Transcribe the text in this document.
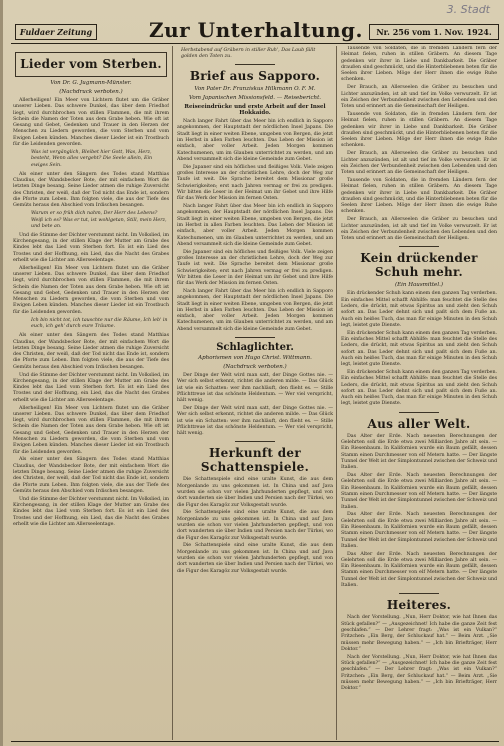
3. Stadt
Fuldaer Zeitung	Zur Unterhaltung.	Nr. 256 vom 1. Nov. 1924.
Lieder vom Sterben.
Von Dr. G. Jugmann-Münster.
(Nachdruck verboten.)

Allerheiligen! Ein Meer von Lichtern flutet um die Gräber unserer Lieben. Das schwere Dunkel, das über dem Friedhof liegt, wird durchbrochen von stillen Flammen, die mit ihrem Schein die Namen der Toten aus dem Grabe heben. Wie oft ist Gesang und Gebet, Gedenken und Trauer in den Herzen der Menschen zu Liedern geworden, die vom Sterben und vom Ewigen Leben künden. Manches dieser Lieder ist ein Trostbuch für die Leidenden geworden.

Was ist vergänglich, Bleibet hier Gott, Was, Herz, besteht, Wenn alles vergeht? Die Seele allein, Ein ewiges Sein.

Als einer unter den Sängern des Todes stand Matthias Claudius, der Wandsbecker Bote, der mit einfachem Wort die letzten Dinge besang. Seine Lieder atmen die ruhige Zuversicht des Christen, der weiß, daß der Tod nicht das Ende ist, sondern die Pforte zum Leben. Ihm folgten viele, die aus der Tiefe des Gemüts heraus den Abschied vom Irdischen besangen.

Warum er so früh dich nahm, Der Herr des Lebens? Weiß ich es? Was er tut, ist wohlgetan, Still, mein Herz, und bete an.

Und die Stimme der Dichter verstummt nicht. Im Volkslied, im Kirchengesang, in der stillen Klage der Mutter am Grabe des Kindes lebt das Lied vom Sterben fort. Es ist ein Lied des Trostes und der Hoffnung, ein Lied, das die Nacht des Grabes erhellt wie die Lichter am Allerseelentage.

Allerheiligen! Ein Meer von Lichtern flutet um die Gräber unserer Lieben. Das schwere Dunkel, das über dem Friedhof liegt, wird durchbrochen von stillen Flammen, die mit ihrem Schein die Namen der Toten aus dem Grabe heben. Wie oft ist Gesang und Gebet, Gedenken und Trauer in den Herzen der Menschen zu Liedern geworden, die vom Sterben und vom Ewigen Leben künden. Manches dieser Lieder ist ein Trostbuch für die Leidenden geworden.

Ich bin nicht tot, ich tauschte nur die Räume, Ich leb' in euch, ich geh' durch eure Träume.

Als einer unter den Sängern des Todes stand Matthias Claudius, der Wandsbecker Bote, der mit einfachem Wort die letzten Dinge besang. Seine Lieder atmen die ruhige Zuversicht des Christen, der weiß, daß der Tod nicht das Ende ist, sondern die Pforte zum Leben. Ihm folgten viele, die aus der Tiefe des Gemüts heraus den Abschied vom Irdischen besangen.

Und die Stimme der Dichter verstummt nicht. Im Volkslied, im Kirchengesang, in der stillen Klage der Mutter am Grabe des Kindes lebt das Lied vom Sterben fort. Es ist ein Lied des Trostes und der Hoffnung, ein Lied, das die Nacht des Grabes erhellt wie die Lichter am Allerseelentage.

Allerheiligen! Ein Meer von Lichtern flutet um die Gräber unserer Lieben. Das schwere Dunkel, das über dem Friedhof liegt, wird durchbrochen von stillen Flammen, die mit ihrem Schein die Namen der Toten aus dem Grabe heben. Wie oft ist Gesang und Gebet, Gedenken und Trauer in den Herzen der Menschen zu Liedern geworden, die vom Sterben und vom Ewigen Leben künden. Manches dieser Lieder ist ein Trostbuch für die Leidenden geworden.

Als einer unter den Sängern des Todes stand Matthias Claudius, der Wandsbecker Bote, der mit einfachem Wort die letzten Dinge besang. Seine Lieder atmen die ruhige Zuversicht des Christen, der weiß, daß der Tod nicht das Ende ist, sondern die Pforte zum Leben. Ihm folgten viele, die aus der Tiefe des Gemüts heraus den Abschied vom Irdischen besangen.

Und die Stimme der Dichter verstummt nicht. Im Volkslied, im Kirchengesang, in der stillen Klage der Mutter am Grabe des Kindes lebt das Lied vom Sterben fort. Es ist ein Lied des Trostes und der Hoffnung, ein Lied, das die Nacht des Grabes erhellt wie die Lichter am Allerseelentage.

Herbstabend auf Gräbern in stiller Ruh', Das Laub fällt golden den Toten zu.
Brief aus Sapporo.
Von Pater Dr. Franziskus Hilkmann O. F. M.
Vom Japanischen Missionsfeld. — Reisebericht.
Reiseeindrücke und erste Arbeit auf der Insel Hokkaido.

Nach langer Fahrt über das Meer bin ich endlich in Sapporo angekommen, der Hauptstadt der nördlichen Insel Japans. Die Stadt liegt in einer weiten Ebene, umgeben von Bergen, die jetzt im Herbst in allen Farben leuchten. Das Leben der Mission ist einfach, aber voller Arbeit. Jeden Morgen kommen Katechumenen, um im Glauben unterrichtet zu werden, und am Abend versammelt sich die kleine Gemeinde zum Gebet.

Die Japaner sind ein höfliches und fleißiges Volk. Viele zeigen großes Interesse an der christlichen Lehre, doch der Weg zur Taufe ist weit. Die Sprache bereitet dem Missionar große Schwierigkeiten; erst nach Jahren vermag er frei zu predigen. Wir bitten die Leser in der Heimat um ihr Gebet und ihre Hilfe für das Werk der Mission im fernen Osten.

Nach langer Fahrt über das Meer bin ich endlich in Sapporo angekommen, der Hauptstadt der nördlichen Insel Japans. Die Stadt liegt in einer weiten Ebene, umgeben von Bergen, die jetzt im Herbst in allen Farben leuchten. Das Leben der Mission ist einfach, aber voller Arbeit. Jeden Morgen kommen Katechumenen, um im Glauben unterrichtet zu werden, und am Abend versammelt sich die kleine Gemeinde zum Gebet.

Die Japaner sind ein höfliches und fleißiges Volk. Viele zeigen großes Interesse an der christlichen Lehre, doch der Weg zur Taufe ist weit. Die Sprache bereitet dem Missionar große Schwierigkeiten; erst nach Jahren vermag er frei zu predigen. Wir bitten die Leser in der Heimat um ihr Gebet und ihre Hilfe für das Werk der Mission im fernen Osten.

Nach langer Fahrt über das Meer bin ich endlich in Sapporo angekommen, der Hauptstadt der nördlichen Insel Japans. Die Stadt liegt in einer weiten Ebene, umgeben von Bergen, die jetzt im Herbst in allen Farben leuchten. Das Leben der Mission ist einfach, aber voller Arbeit. Jeden Morgen kommen Katechumenen, um im Glauben unterrichtet zu werden, und am Abend versammelt sich die kleine Gemeinde zum Gebet.

Schlaglichter.
Aphorismen von Hugo Christ. Wittmann.
(Nachdruck verboten.)

Der Dinge der Welt wird man satt, der Dinge Gottes nie. — Wer sich selbst erkennt, richtet die anderen milde. — Das Glück ist wie ein Schatten: wer ihm nachläuft, den flieht es. — Stille Pflichttreue ist das schönste Heldentum. — Wer viel verspricht, hält wenig.

Der Dinge der Welt wird man satt, der Dinge Gottes nie. — Wer sich selbst erkennt, richtet die anderen milde. — Das Glück ist wie ein Schatten: wer ihm nachläuft, den flieht es. — Stille Pflichttreue ist das schönste Heldentum. — Wer viel verspricht, hält wenig.

Herkunft der Schattenspiele.

Die Schattenspiele sind eine uralte Kunst, die aus dem Morgenlande zu uns gekommen ist. In China und auf Java wurden sie schon vor vielen Jahrhunderten gepflegt, und von dort wanderten sie über Indien und Persien nach der Türkei, wo die Figur des Karagöz zur Volksgestalt wurde.

Die Schattenspiele sind eine uralte Kunst, die aus dem Morgenlande zu uns gekommen ist. In China und auf Java wurden sie schon vor vielen Jahrhunderten gepflegt, und von dort wanderten sie über Indien und Persien nach der Türkei, wo die Figur des Karagöz zur Volksgestalt wurde.

Die Schattenspiele sind eine uralte Kunst, die aus dem Morgenlande zu uns gekommen ist. In China und auf Java wurden sie schon vor vielen Jahrhunderten gepflegt, und von dort wanderten sie über Indien und Persien nach der Türkei, wo die Figur des Karagöz zur Volksgestalt wurde.

Tausende von Soldaten, die in fremden Ländern fern der Heimat fielen, ruhen in stillen Gräbern. An diesem Tage gedenken wir ihrer in Liebe und Dankbarkeit. Die Gräber draußen sind geschmückt, und die Hinterbliebenen beten für die Seelen ihrer Lieben. Möge der Herr ihnen die ewige Ruhe schenken.

Der Brauch, an Allerseelen die Gräber zu besuchen und Lichter anzuzünden, ist alt und tief im Volke verwurzelt. Er ist ein Zeichen der Verbundenheit zwischen den Lebenden und den Toten und erinnert an die Gemeinschaft der Heiligen.

Tausende von Soldaten, die in fremden Ländern fern der Heimat fielen, ruhen in stillen Gräbern. An diesem Tage gedenken wir ihrer in Liebe und Dankbarkeit. Die Gräber draußen sind geschmückt, und die Hinterbliebenen beten für die Seelen ihrer Lieben. Möge der Herr ihnen die ewige Ruhe schenken.

Der Brauch, an Allerseelen die Gräber zu besuchen und Lichter anzuzünden, ist alt und tief im Volke verwurzelt. Er ist ein Zeichen der Verbundenheit zwischen den Lebenden und den Toten und erinnert an die Gemeinschaft der Heiligen.

Tausende von Soldaten, die in fremden Ländern fern der Heimat fielen, ruhen in stillen Gräbern. An diesem Tage gedenken wir ihrer in Liebe und Dankbarkeit. Die Gräber draußen sind geschmückt, und die Hinterbliebenen beten für die Seelen ihrer Lieben. Möge der Herr ihnen die ewige Ruhe schenken.

Der Brauch, an Allerseelen die Gräber zu besuchen und Lichter anzuzünden, ist alt und tief im Volke verwurzelt. Er ist ein Zeichen der Verbundenheit zwischen den Lebenden und den Toten und erinnert an die Gemeinschaft der Heiligen.

Kein drückender Schuh mehr.
(Ein Hausmittel.)

Ein drückender Schuh kann einem den ganzen Tag verderben. Ein einfaches Mittel schafft Abhilfe: man feuchtet die Stelle des Leders, die drückt, mit etwas Spiritus an und zieht den Schuh sofort an. Das Leder dehnt sich und paßt sich dem Fuße an. Auch ein heißes Tuch, das man für einige Minuten in den Schuh legt, leistet gute Dienste.

Ein drückender Schuh kann einem den ganzen Tag verderben. Ein einfaches Mittel schafft Abhilfe: man feuchtet die Stelle des Leders, die drückt, mit etwas Spiritus an und zieht den Schuh sofort an. Das Leder dehnt sich und paßt sich dem Fuße an. Auch ein heißes Tuch, das man für einige Minuten in den Schuh legt, leistet gute Dienste.

Ein drückender Schuh kann einem den ganzen Tag verderben. Ein einfaches Mittel schafft Abhilfe: man feuchtet die Stelle des Leders, die drückt, mit etwas Spiritus an und zieht den Schuh sofort an. Das Leder dehnt sich und paßt sich dem Fuße an. Auch ein heißes Tuch, das man für einige Minuten in den Schuh legt, leistet gute Dienste.

Aus aller Welt.

Das Alter der Erde. Nach neuesten Berechnungen der Gelehrten soll die Erde etwa zwei Milliarden Jahre alt sein. — Ein Riesenbaum. In Kalifornien wurde ein Baum gefällt, dessen Stamm einen Durchmesser von elf Metern hatte. — Der längste Tunnel der Welt ist der Simplontunnel zwischen der Schweiz und Italien.

Das Alter der Erde. Nach neuesten Berechnungen der Gelehrten soll die Erde etwa zwei Milliarden Jahre alt sein. — Ein Riesenbaum. In Kalifornien wurde ein Baum gefällt, dessen Stamm einen Durchmesser von elf Metern hatte. — Der längste Tunnel der Welt ist der Simplontunnel zwischen der Schweiz und Italien.

Das Alter der Erde. Nach neuesten Berechnungen der Gelehrten soll die Erde etwa zwei Milliarden Jahre alt sein. — Ein Riesenbaum. In Kalifornien wurde ein Baum gefällt, dessen Stamm einen Durchmesser von elf Metern hatte. — Der längste Tunnel der Welt ist der Simplontunnel zwischen der Schweiz und Italien.

Das Alter der Erde. Nach neuesten Berechnungen der Gelehrten soll die Erde etwa zwei Milliarden Jahre alt sein. — Ein Riesenbaum. In Kalifornien wurde ein Baum gefällt, dessen Stamm einen Durchmesser von elf Metern hatte. — Der längste Tunnel der Welt ist der Simplontunnel zwischen der Schweiz und Italien.

Heiteres.

Nach der Vorstellung. „Nun, Herr Doktor, wie hat Ihnen das Stück gefallen?“ — „Ausgezeichnet! Ich habe die ganze Zeit fest geschlafen.“ — Der Lehrer fragt: „Was ist ein Vulkan?“ Fritzchen: „Ein Berg, der Schluckauf hat.“ — Beim Arzt. „Sie müssen mehr Bewegung haben.“ — „Ich bin Briefträger, Herr Doktor.“

Nach der Vorstellung. „Nun, Herr Doktor, wie hat Ihnen das Stück gefallen?“ — „Ausgezeichnet! Ich habe die ganze Zeit fest geschlafen.“ — Der Lehrer fragt: „Was ist ein Vulkan?“ Fritzchen: „Ein Berg, der Schluckauf hat.“ — Beim Arzt. „Sie müssen mehr Bewegung haben.“ — „Ich bin Briefträger, Herr Doktor.“
